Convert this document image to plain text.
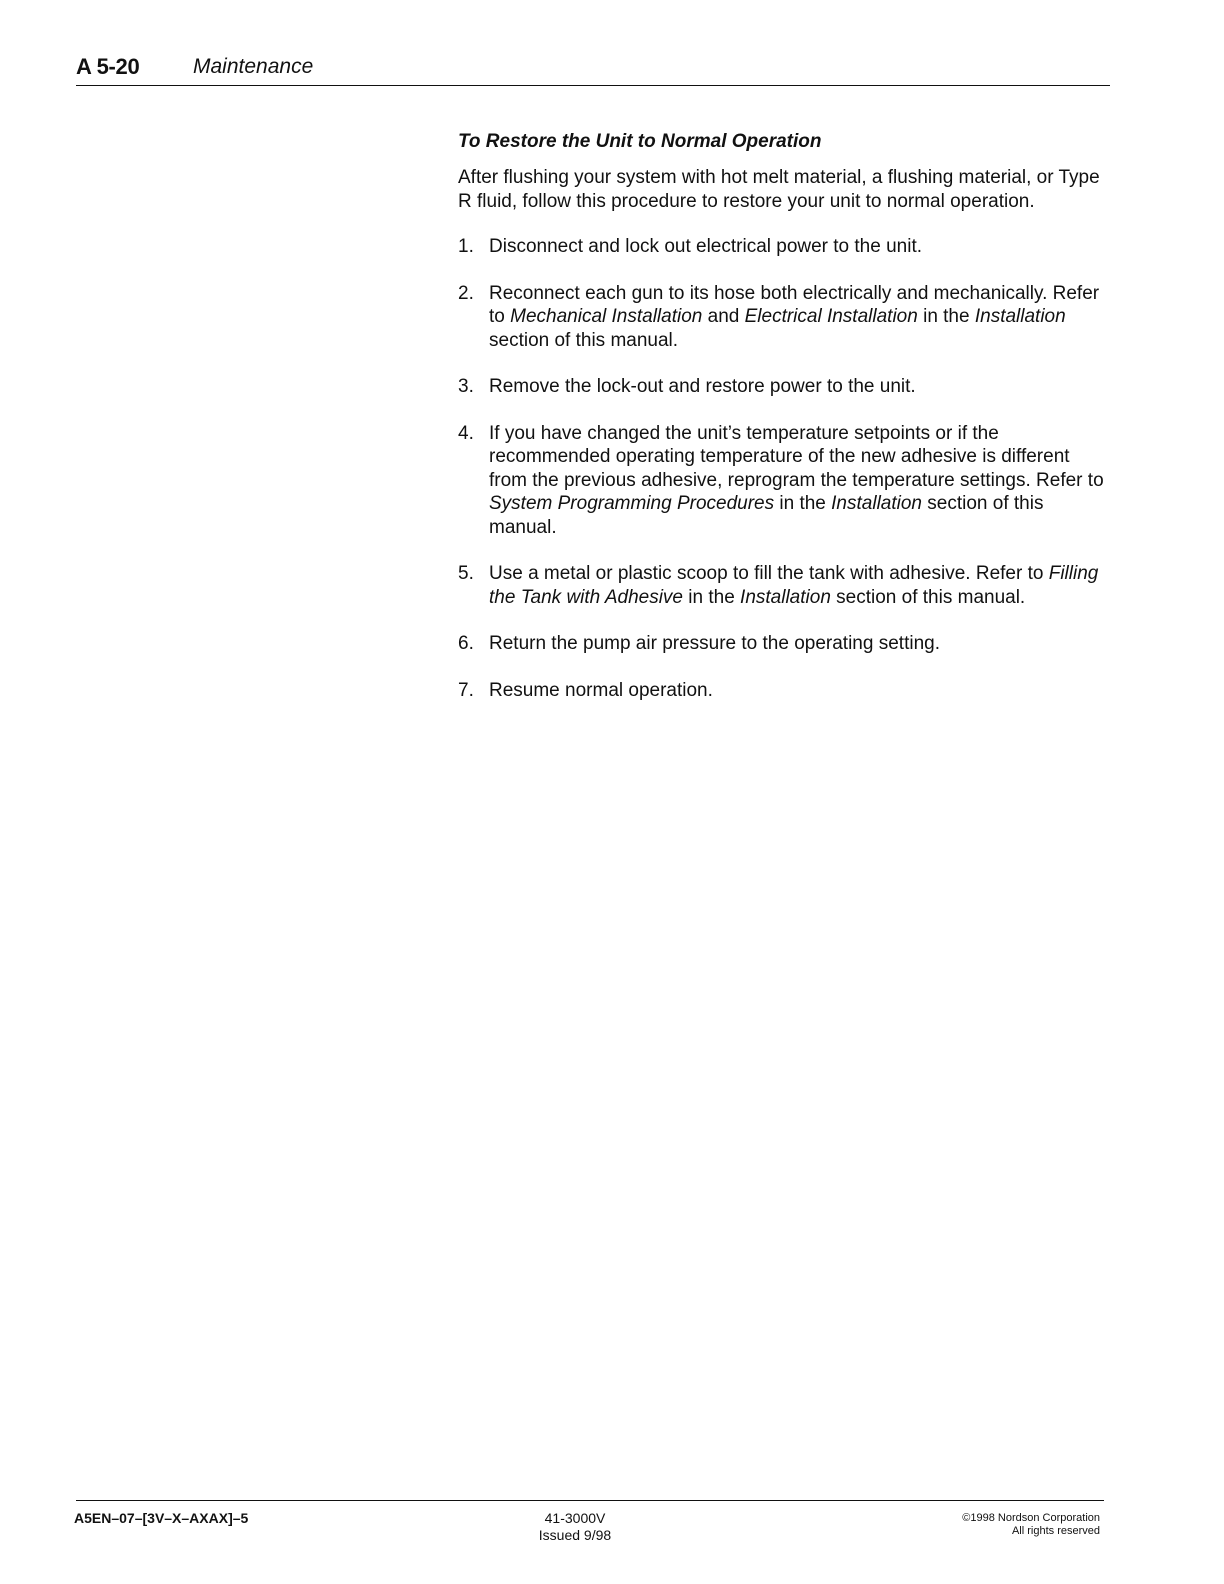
A 5-20	Maintenance
To Restore the Unit to Normal Operation

After flushing your system with hot melt material, a flushing material, or Type R fluid, follow this procedure to restore your unit to normal operation.

1. Disconnect and lock out electrical power to the unit.
2. Reconnect each gun to its hose both electrically and mechanically. Refer to Mechanical Installation and Electrical Installation in the Installation section of this manual.
3. Remove the lock-out and restore power to the unit.
4. If you have changed the unit’s temperature setpoints or if the recommended operating temperature of the new adhesive is different from the previous adhesive, reprogram the temperature settings. Refer to System Programming Procedures in the Installation section of this manual.
5. Use a metal or plastic scoop to fill the tank with adhesive. Refer to Filling the Tank with Adhesive in the Installation section of this manual.
6. Return the pump air pressure to the operating setting.
7. Resume normal operation.
A5EN–07–[3V–X–AXAX]–5	41-3000V
Issued 9/98
©1998 Nordson Corporation
All rights reserved
